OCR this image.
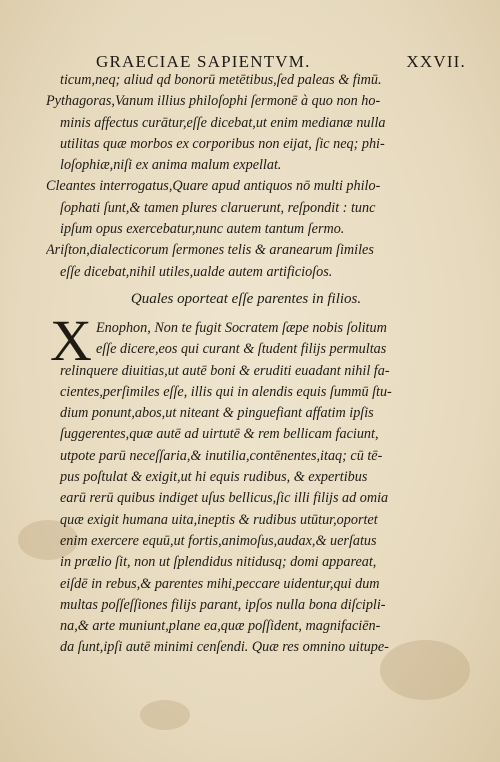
GRAECIAE SAPIENTVM.	XXVII.
ticum,neq; aliud qd bonorū metētibus,ſed paleas & fimū.
Pythagoras,Vanum illius philoſophi ſermonē à quo non ho-
minis affectus curātur,eſſe dicebat,ut enim medianæ nulla
utilitas quæ morbos ex corporibus non eijat, ſic neq; phi-
loſophiæ,niſi ex anima malum expellat.
Cleantes interrogatus,Quare apud antiquos nō multi philo-
ſophati ſunt,& tamen plures claruerunt, reſpondit : tunc
ipſum opus exercebatur,nunc autem tantum ſermo.
Ariſton,dialecticorum ſermones telis & aranearum ſimiles
eſſe dicebat,nihil utiles,ualde autem artificioſos.
Quales oporteat eſſe parentes in filios.
X Enophon, Non te fugit Socratem ſæpe nobis ſolitum
eſſe dicere,eos qui curant & ſtudent filijs permultas
relinquere diuitias,ut autē boni & eruditi euadant nihil fa-
cientes,perſimiles eſſe, illis qui in alendis equis ſummū ſtu-
dium ponunt,abos,ut niteant & pinguefiant affatim ipſis
ſuggerentes,quæ autē ad uirtutē & rem bellicam faciunt,
utpote parū neceſſaria,& inutilia,contēnentes,itaq; cū tē-
pus poſtulat & exigit,ut hi equis rudibus, & expertibus
earū rerū quibus indiget uſus bellicus,ſic illi filijs ad omia
quæ exigit humana uita,ineptis & rudibus utūtur,oportet
enim exercere equū,ut fortis,animoſus,audax,& uerſatus
in prælio ſit, non ut ſplendidus nitidusq; domi appareat,
eiſdē in rebus,& parentes mihi,peccare uidentur,qui dum
multas poſſeſſiones filijs parant, ipſos nulla bona diſcipli-
na,& arte muniunt,plane ea,quæ poſſident, magnifaciēn-
da ſunt,ipſi autē minimi cenſendi. Quæ res omnino uitupe-
